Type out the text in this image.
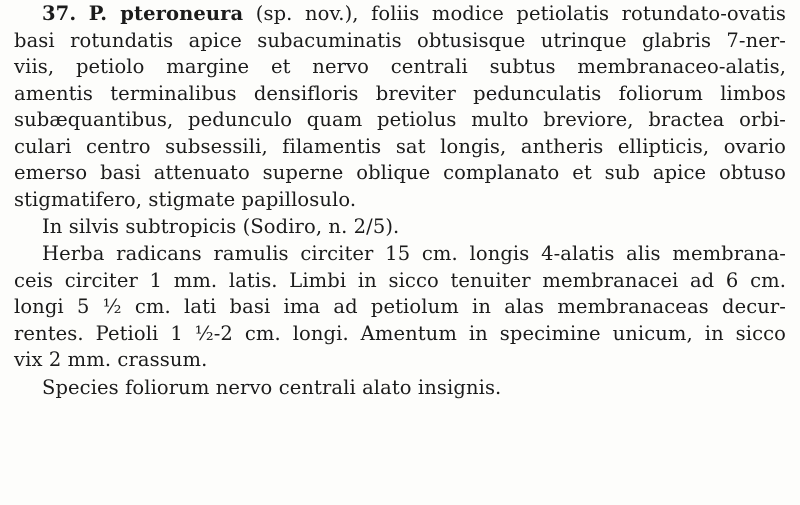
37. P. pteroneura (sp. nov.), foliis modice petiolatis rotundato-ovatis
basi rotundatis apice subacuminatis obtusisque utrinque glabris 7-ner-
viis, petiolo margine et nervo centrali subtus membranaceo-alatis,
amentis terminalibus densifloris breviter pedunculatis foliorum limbos
subæquantibus, pedunculo quam petiolus multo breviore, bractea orbi-
culari centro subsessili, filamentis sat longis, antheris ellipticis, ovario
emerso basi attenuato superne oblique complanato et sub apice obtuso
stigmatifero, stigmate papillosulo.
In silvis subtropicis (Sodiro, n. 2/5).
Herba radicans ramulis circiter 15 cm. longis 4-alatis alis membrana-
ceis circiter 1 mm. latis. Limbi in sicco tenuiter membranacei ad 6 cm.
longi 5 ½ cm. lati basi ima ad petiolum in alas membranaceas decur-
rentes. Petioli 1 ½-2 cm. longi. Amentum in specimine unicum, in sicco
vix 2 mm. crassum.
Species foliorum nervo centrali alato insignis.
